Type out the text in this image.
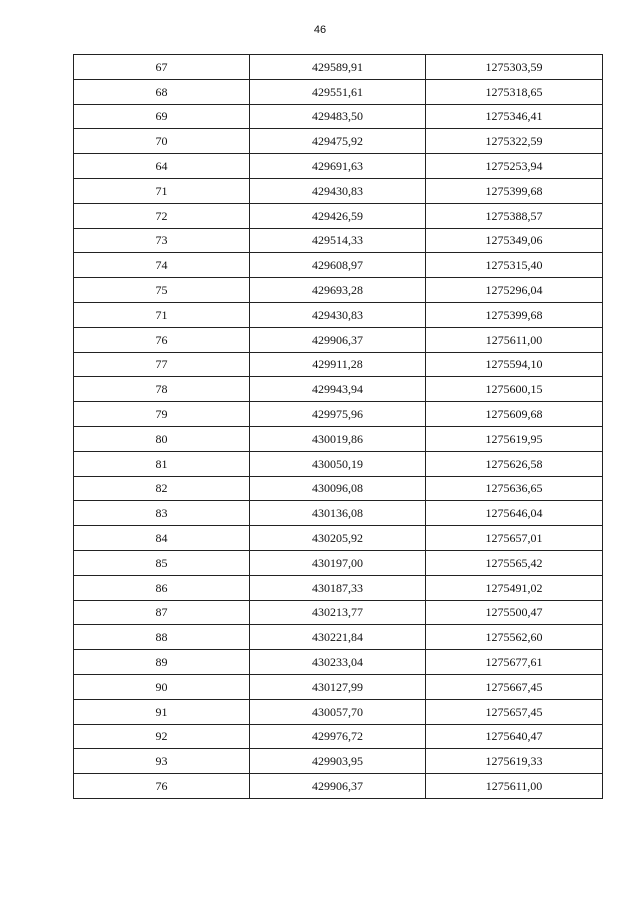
46
67	429589,91	1275303,59
68	429551,61	1275318,65
69	429483,50	1275346,41
70	429475,92	1275322,59
64	429691,63	1275253,94
71	429430,83	1275399,68
72	429426,59	1275388,57
73	429514,33	1275349,06
74	429608,97	1275315,40
75	429693,28	1275296,04
71	429430,83	1275399,68
76	429906,37	1275611,00
77	429911,28	1275594,10
78	429943,94	1275600,15
79	429975,96	1275609,68
80	430019,86	1275619,95
81	430050,19	1275626,58
82	430096,08	1275636,65
83	430136,08	1275646,04
84	430205,92	1275657,01
85	430197,00	1275565,42
86	430187,33	1275491,02
87	430213,77	1275500,47
88	430221,84	1275562,60
89	430233,04	1275677,61
90	430127,99	1275667,45
91	430057,70	1275657,45
92	429976,72	1275640,47
93	429903,95	1275619,33
76	429906,37	1275611,00
